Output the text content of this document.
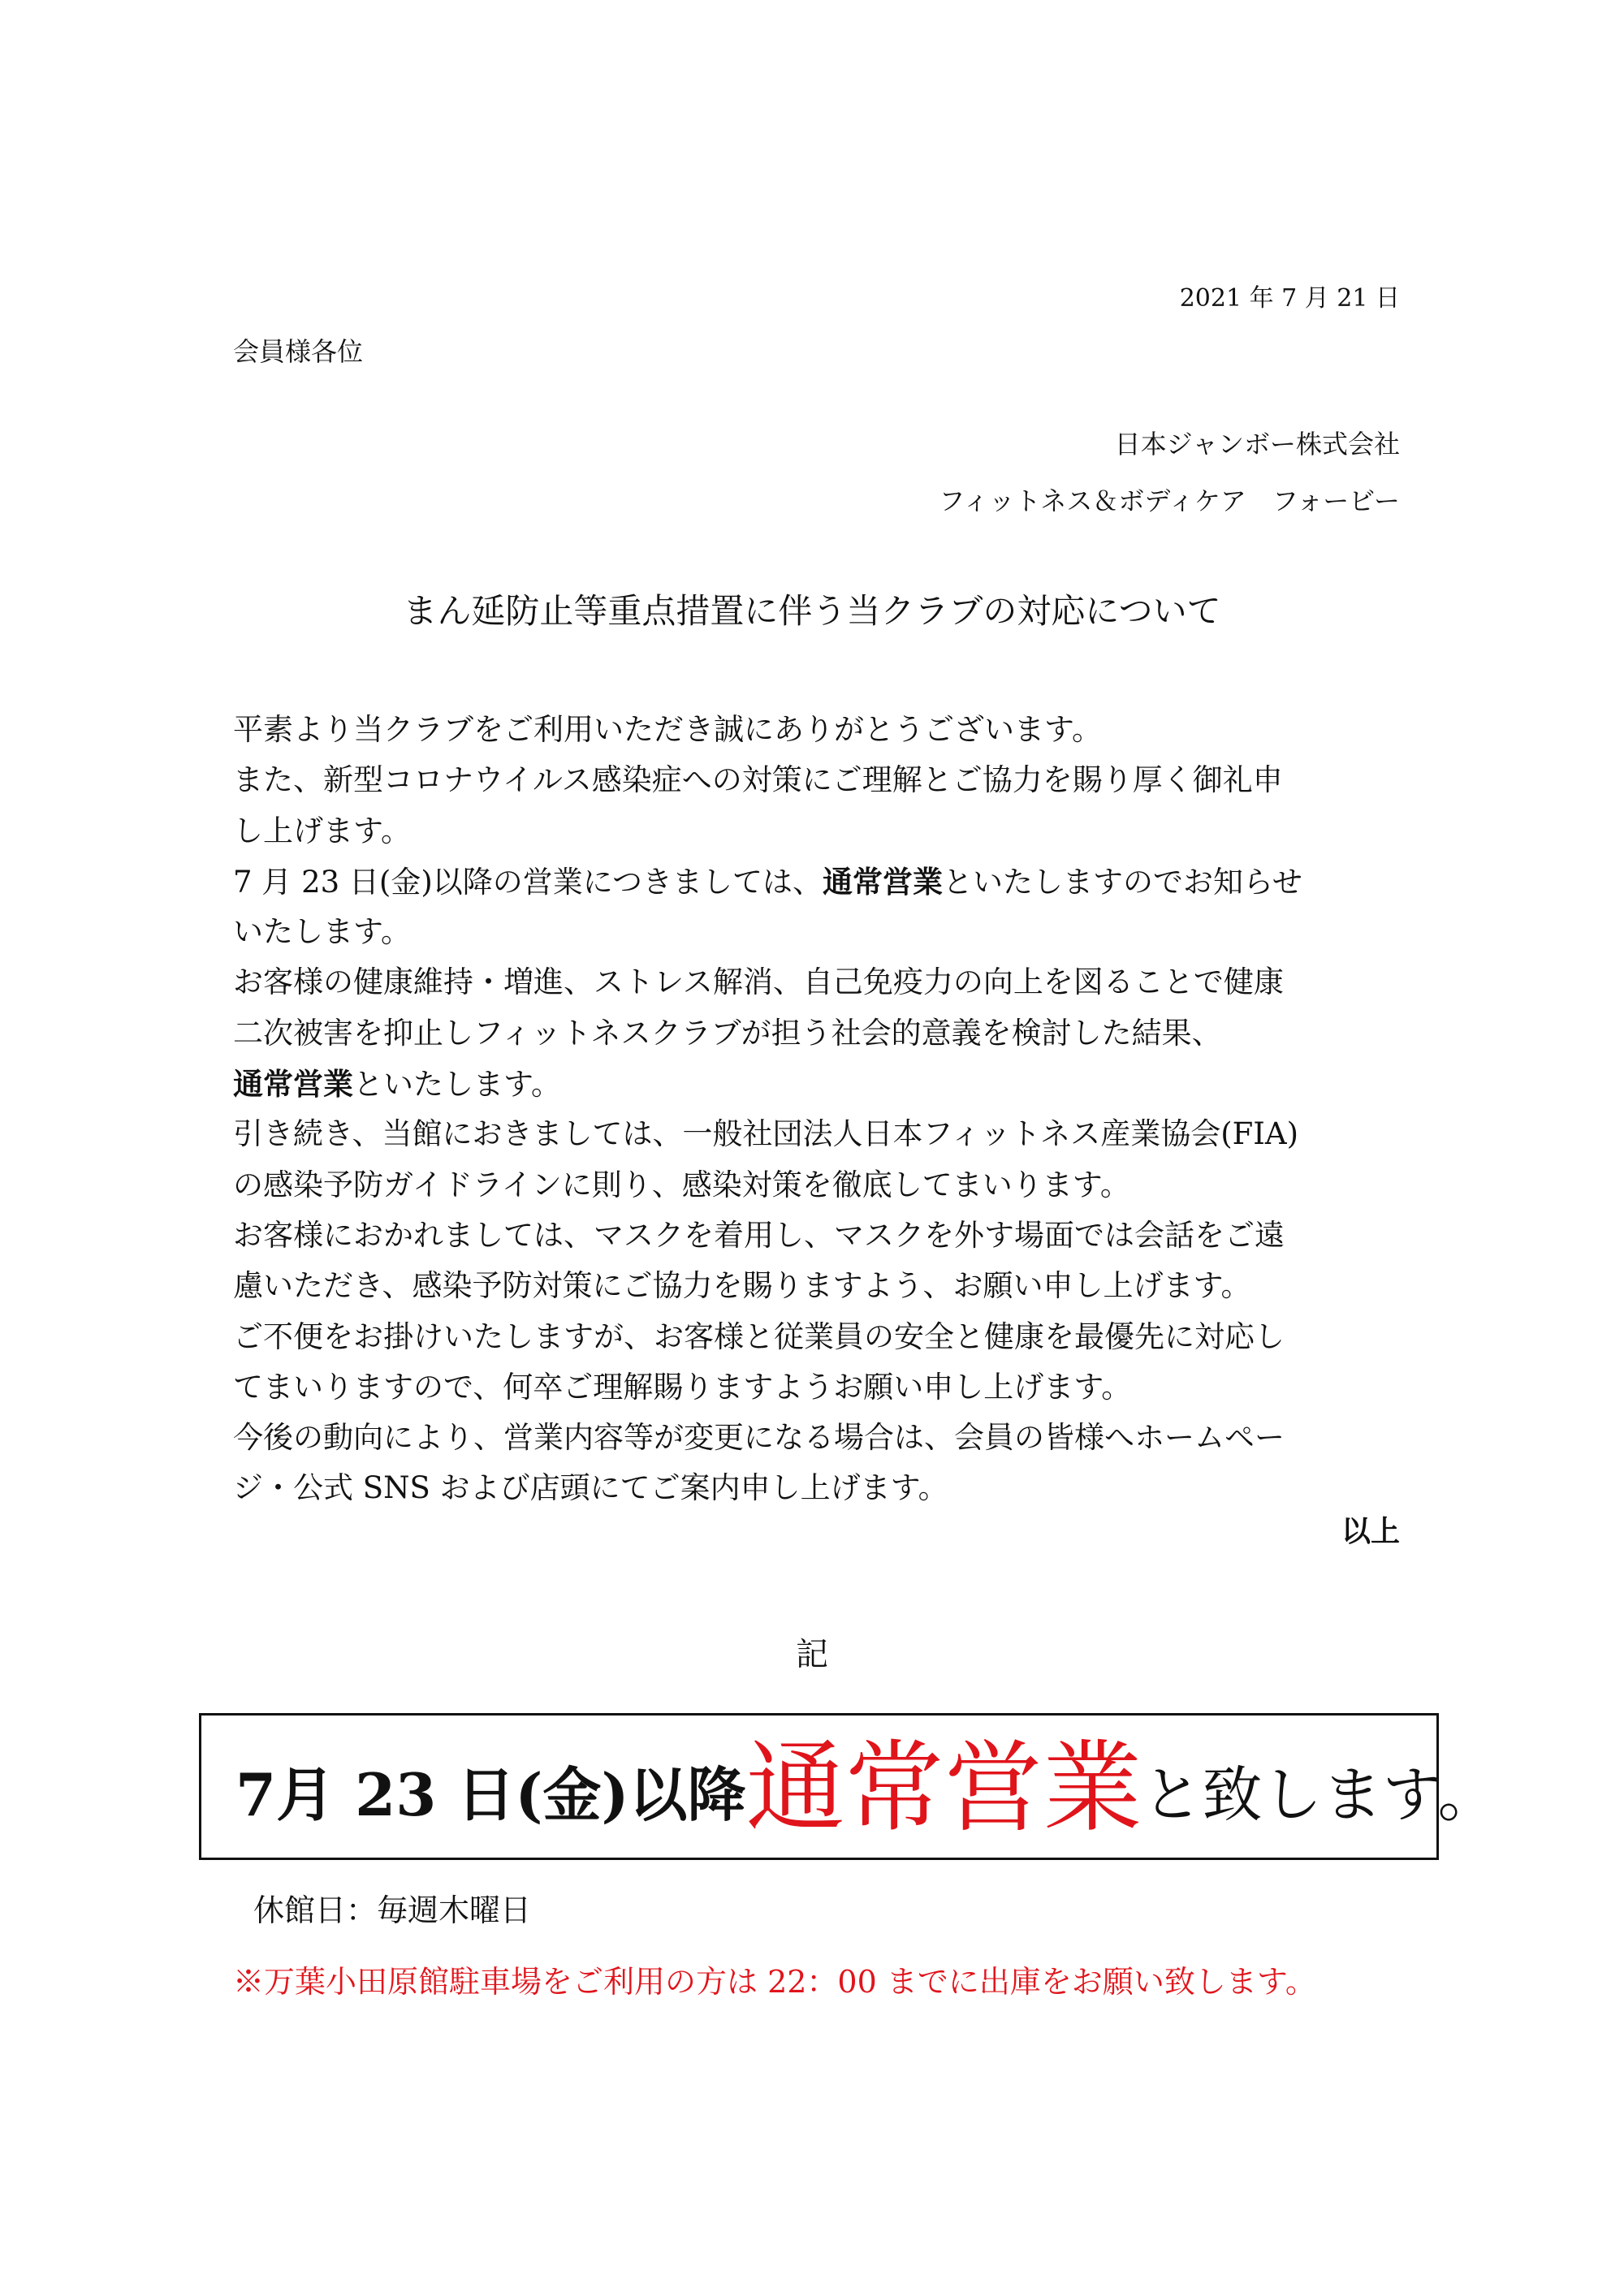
2021 年 7 月 21 日
会員様各位
日本ジャンボー株式会社
フィットネス＆ボディケア　フォービー
まん延防止等重点措置に伴う当クラブの対応について
平素より当クラブをご利用いただき誠にありがとうございます。
また、新型コロナウイルス感染症への対策にご理解とご協力を賜り厚く御礼申
し上げます。
7 月 23 日(金)以降の営業につきましては、通常営業といたしますのでお知らせ
いたします。
お客様の健康維持・増進、ストレス解消、自己免疫力の向上を図ることで健康
二次被害を抑止しフィットネスクラブが担う社会的意義を検討した結果、
通常営業といたします。
引き続き、当館におきましては、一般社団法人日本フィットネス産業協会(FIA)
の感染予防ガイドラインに則り、感染対策を徹底してまいります。
お客様におかれましては、マスクを着用し、マスクを外す場面では会話をご遠
慮いただき、感染予防対策にご協力を賜りますよう、お願い申し上げます。
ご不便をお掛けいたしますが、お客様と従業員の安全と健康を最優先に対応し
てまいりますので、何卒ご理解賜りますようお願い申し上げます。
今後の動向により、営業内容等が変更になる場合は、会員の皆様へホームペー
ジ・公式 SNS および店頭にてご案内申し上げます。
以上
記
7月 23 日(金)以降通常営業と致します。
休館日：毎週木曜日
※万葉小田原館駐車場をご利用の方は 22：00 までに出庫をお願い致します。
